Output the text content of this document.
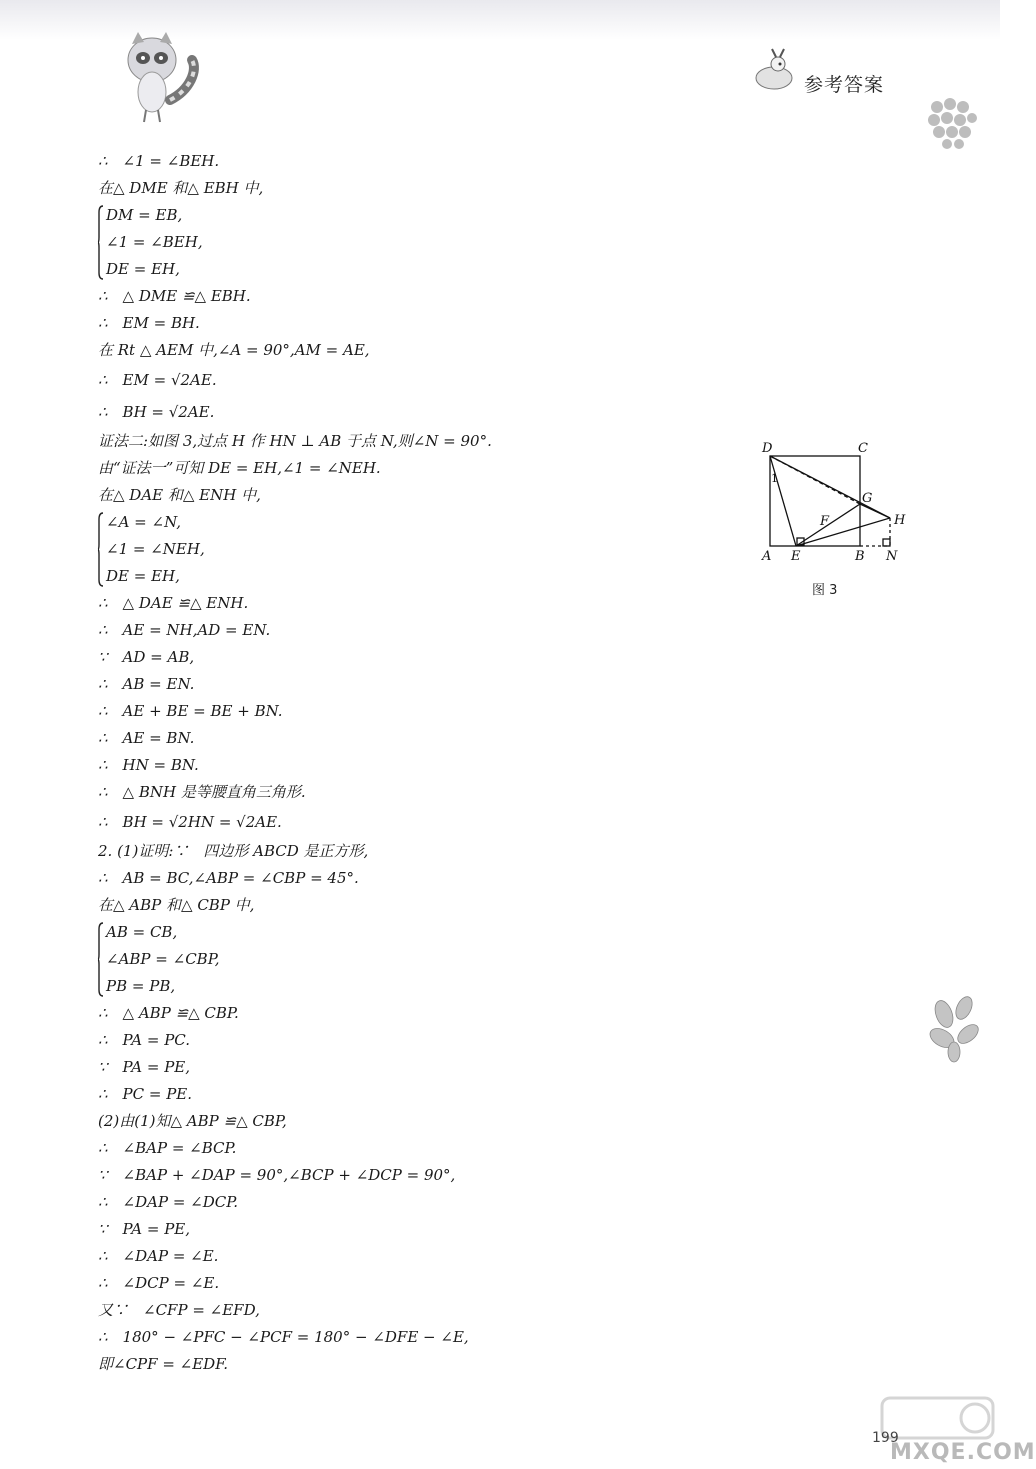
参考答案
∴　∠1 = ∠BEH.
在△ DME 和△ EBH 中,
DM = EB,
∠1 = ∠BEH,
DE = EH,
∴　△ DME ≌△ EBH.
∴　EM = BH.
在 Rt △ AEM 中,∠A = 90°,AM = AE,
∴　EM = √2AE.
∴　BH = √2AE.
证法二:如图 3,过点 H 作 HN ⊥ AB 于点 N,则∠N = 90°.
由“证法一”可知 DE = EH,∠1 = ∠NEH.
在△ DAE 和△ ENH 中,
∠A = ∠N,
∠1 = ∠NEH,
DE = EH,
∴　△ DAE ≌△ ENH.
∴　AE = NH,AD = EN.
∵　AD = AB,
∴　AB = EN.
∴　AE + BE = BE + BN.
∴　AE = BN.
∴　HN = BN.
∴　△ BNH 是等腰直角三角形.
∴　BH = √2HN = √2AE.
2. (1)证明:∵　四边形 ABCD 是正方形,
∴　AB = BC,∠ABP = ∠CBP = 45°.
在△ ABP 和△ CBP 中,
AB = CB,
∠ABP = ∠CBP,
PB = PB,
∴　△ ABP ≌△ CBP.
∴　PA = PC.
∵　PA = PE,
∴　PC = PE.
(2)由(1)知△ ABP ≌△ CBP,
∴　∠BAP = ∠BCP.
∵　∠BAP + ∠DAP = 90°,∠BCP + ∠DCP = 90°,
∴　∠DAP = ∠DCP.
∵　PA = PE,
∴　∠DAP = ∠E.
∴　∠DCP = ∠E.
又∵　∠CFP = ∠EFD,
∴　180° − ∠PFC − ∠PCF = 180° − ∠DFE − ∠E,
即∠CPF = ∠EDF.
D	C
G
H
F
A E	B N
1
图 3
199
MXQE.COM
